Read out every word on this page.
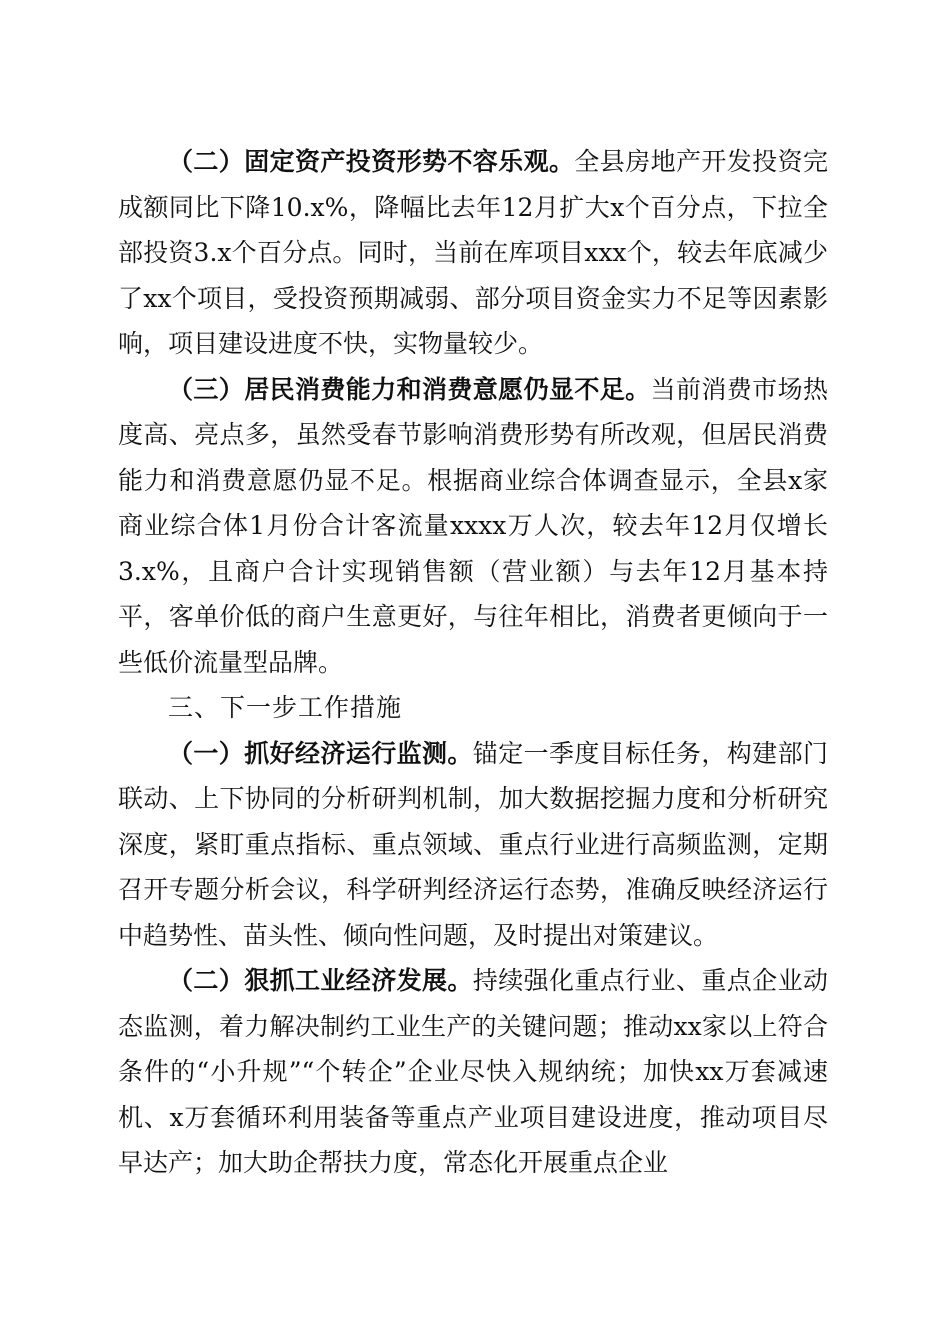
（二）固定资产投资形势不容乐观。全县房地产开发投资完成额同比下降10.x%，降幅比去年12月扩大x个百分点，下拉全部投资3.x个百分点。同时，当前在库项目xxx个，较去年底减少了xx个项目，受投资预期减弱、部分项目资金实力不足等因素影响，项目建设进度不快，实物量较少。

（三）居民消费能力和消费意愿仍显不足。当前消费市场热度高、亮点多，虽然受春节影响消费形势有所改观，但居民消费能力和消费意愿仍显不足。根据商业综合体调查显示，全县x家商业综合体1月份合计客流量xxxx万人次，较去年12月仅增长3.x%，且商户合计实现销售额（营业额）与去年12月基本持平，客单价低的商户生意更好，与往年相比，消费者更倾向于一些低价流量型品牌。

三、下一步工作措施

（一）抓好经济运行监测。锚定一季度目标任务，构建部门联动、上下协同的分析研判机制，加大数据挖掘力度和分析研究深度，紧盯重点指标、重点领域、重点行业进行高频监测，定期召开专题分析会议，科学研判经济运行态势，准确反映经济运行中趋势性、苗头性、倾向性问题，及时提出对策建议。

（二）狠抓工业经济发展。持续强化重点行业、重点企业动态监测，着力解决制约工业生产的关键问题；推动xx家以上符合条件的“小升规”“个转企”企业尽快入规纳统；加快xx万套减速机、x万套循环利用装备等重点产业项目建设进度，推动项目尽早达产；加大助企帮扶力度，常态化开展重点企业
